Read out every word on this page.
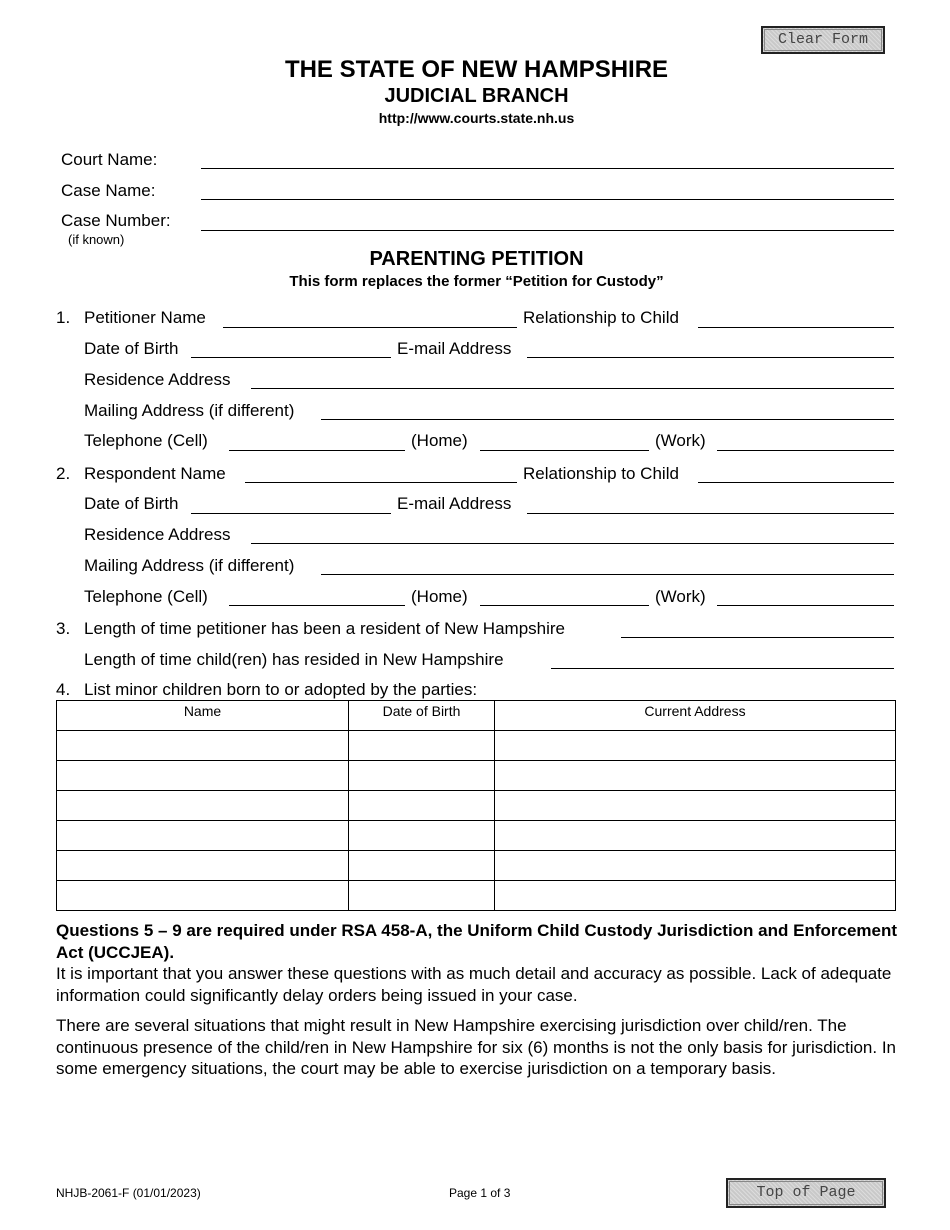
Clear Form
THE STATE OF NEW HAMPSHIRE
JUDICIAL BRANCH
http://www.courts.state.nh.us
Court Name:
Case Name:
Case Number:
(if known)
PARENTING PETITION
This form replaces the former “Petition for Custody”
1. Petitioner Name	Relationship to Child
Date of Birth	E-mail Address
Residence Address
Mailing Address (if different)
Telephone (Cell)	(Home)	(Work)
2. Respondent Name	Relationship to Child
Date of Birth	E-mail Address
Residence Address
Mailing Address (if different)
Telephone (Cell)	(Home)	(Work)
3. Length of time petitioner has been a resident of New Hampshire
Length of time child(ren) has resided in New Hampshire
4. List minor children born to or adopted by the parties:
Name	Date of Birth	Current Address

Questions 5 – 9 are required under RSA 458-A, the Uniform Child Custody Jurisdiction and Enforcement Act (UCCJEA).
It is important that you answer these questions with as much detail and accuracy as possible. Lack of adequate information could significantly delay orders being issued in your case.
There are several situations that might result in New Hampshire exercising jurisdiction over child/ren. The continuous presence of the child/ren in New Hampshire for six (6) months is not the only basis for jurisdiction. In some emergency situations, the court may be able to exercise jurisdiction on a temporary basis.
NHJB-2061-F (01/01/2023)	Page 1 of 3	Top of Page
